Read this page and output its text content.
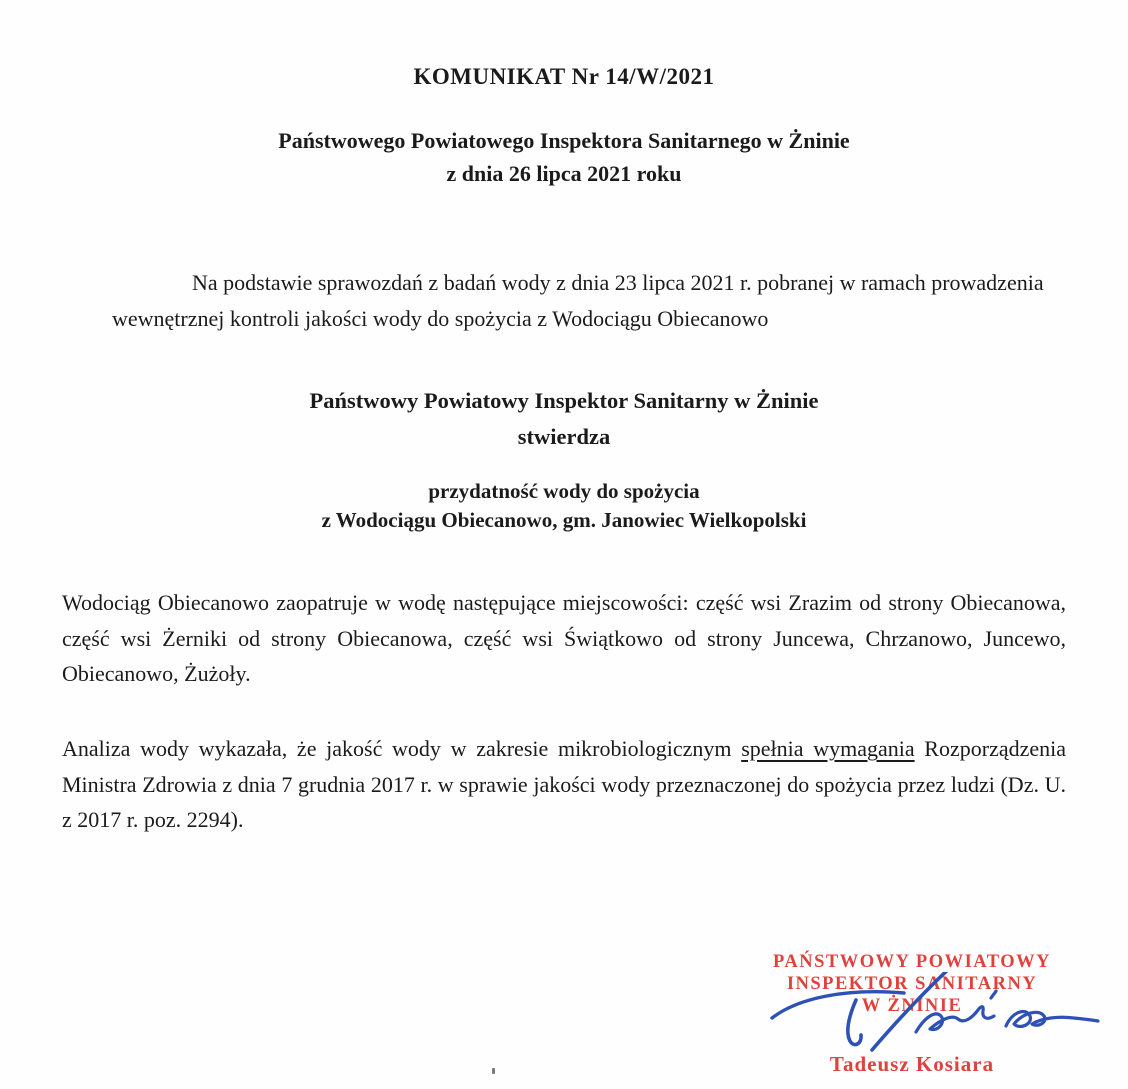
KOMUNIKAT Nr 14/W/2021
Państwowego Powiatowego Inspektora Sanitarnego w Żninie
z dnia 26 lipca 2021 roku
Na podstawie sprawozdań z badań wody z dnia 23 lipca 2021 r. pobranej w ramach prowadzenia wewnętrznej kontroli jakości wody do spożycia z Wodociągu Obiecanowo
Państwowy Powiatowy Inspektor Sanitarny w Żninie
stwierdza
przydatność wody do spożycia
z Wodociągu Obiecanowo, gm. Janowiec Wielkopolski
Wodociąg Obiecanowo zaopatruje w wodę następujące miejscowości: część wsi Zrazim od strony Obiecanowa, część wsi Żerniki od strony Obiecanowa, część wsi Świątkowo od strony Juncewa, Chrzanowo, Juncewo, Obiecanowo, Żużoły.
Analiza wody wykazała, że jakość wody w zakresie mikrobiologicznym spełnia wymagania Rozporządzenia Ministra Zdrowia z dnia 7 grudnia 2017 r. w sprawie jakości wody przeznaczonej do spożycia przez ludzi (Dz. U. z 2017 r. poz. 2294).
PAŃSTWOWY POWIATOWY
INSPEKTOR SANITARNY
W ŻNINIE
Tadeusz Kosiara
